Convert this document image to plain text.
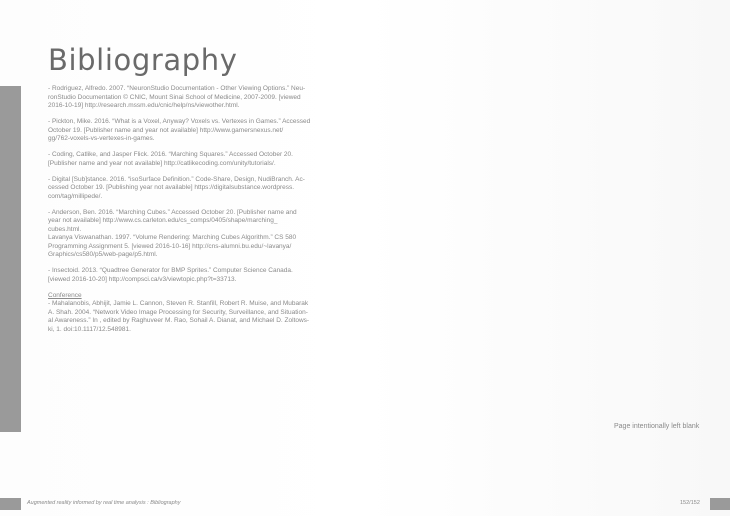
Bibliography
- Rodriguez, Alfredo. 2007. “NeuronStudio Documentation - Other Viewing Options.” Neu-
ronStudio Documentation © CNIC, Mount Sinai School of Medicine, 2007-2009. [viewed
2016-10-19] http://research.mssm.edu/cnic/help/ns/viewother.html.
- Pickton, Mike. 2016. “What is a Voxel, Anyway? Voxels vs. Vertexes in Games.” Accessed
October 19. [Publisher name and year not available] http://www.gamersnexus.net/
gg/762-voxels-vs-vertexes-in-games.
- Coding, Catlike, and Jasper Flick. 2016. “Marching Squares.” Accessed October 20.
[Publisher name and year not available] http://catlikecoding.com/unity/tutorials/.
- Digital [Sub]stance. 2016. “isoSurface Definition.” Code-Share, Design, NudiBranch. Ac-
cessed October 19. [Publishing year not available] https://digitalsubstance.wordpress.
com/tag/millipede/.
- Anderson, Ben. 2016. “Marching Cubes.” Accessed October 20. [Publisher name and
year not available] http://www.cs.carleton.edu/cs_comps/0405/shape/marching_
cubes.html.
Lavanya Viswanathan. 1997. “Volume Rendering: Marching Cubes Algorithm.” CS 580
Programming Assignment 5. [viewed 2016-10-16] http://cns-alumni.bu.edu/~lavanya/
Graphics/cs580/p5/web-page/p5.html.
- Insectoid. 2013. “Quadtree Generator for BMP Sprites.” Computer Science Canada.
[viewed 2016-10-20] http://compsci.ca/v3/viewtopic.php?t=33713.
Conference
- Mahalanobis, Abhijit, Jamie L. Cannon, Steven R. Stanfill, Robert R. Muise, and Mubarak
A. Shah. 2004. “Network Video Image Processing for Security, Surveillance, and Situation-
al Awareness.” In , edited by Raghuveer M. Rao, Sohail A. Dianat, and Michael D. Zoltows-
ki, 1. doi:10.1117/12.548981.
Page intentionally left blank
Augmented reality informed by real time analysis : Bibliography	152/152
